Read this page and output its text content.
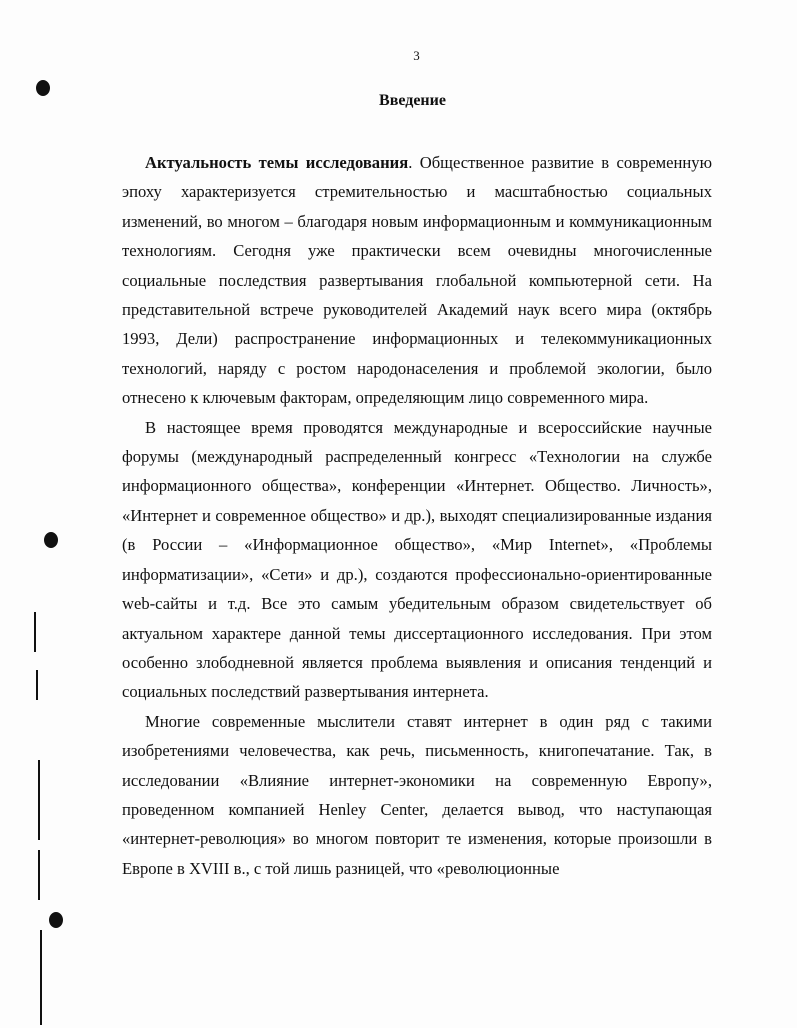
3
Введение

Актуальность темы исследования. Общественное развитие в современную эпоху характеризуется стремительностью и масштабностью социальных изменений, во многом – благодаря новым информационным и коммуникационным технологиям. Сегодня уже практически всем очевидны многочисленные социальные последствия развертывания глобальной компьютерной сети. На представительной встрече руководителей Академий наук всего мира (октябрь 1993, Дели) распространение информационных и телекоммуникационных технологий, наряду с ростом народонаселения и проблемой экологии, было отнесено к ключевым факторам, определяющим лицо современного мира.

В настоящее время проводятся международные и всероссийские научные форумы (международный распределенный конгресс «Технологии на службе информационного общества», конференции «Интернет. Общество. Личность», «Интернет и современное общество» и др.), выходят специализированные издания (в России – «Информационное общество», «Мир Internet», «Проблемы информатизации», «Сети» и др.), создаются профессионально-ориентированные web-сайты и т.д. Все это самым убедительным образом свидетельствует об актуальном характере данной темы диссертационного исследования. При этом особенно злободневной является проблема выявления и описания тенденций и социальных последствий развертывания интернета.

Многие современные мыслители ставят интернет в один ряд с такими изобретениями человечества, как речь, письменность, книгопечатание. Так, в исследовании «Влияние интернет-экономики на современную Европу», проведенном компанией Henley Center, делается вывод, что наступающая «интернет-революция» во многом повторит те изменения, которые произошли в Европе в XVIII в., с той лишь разницей, что «революционные
